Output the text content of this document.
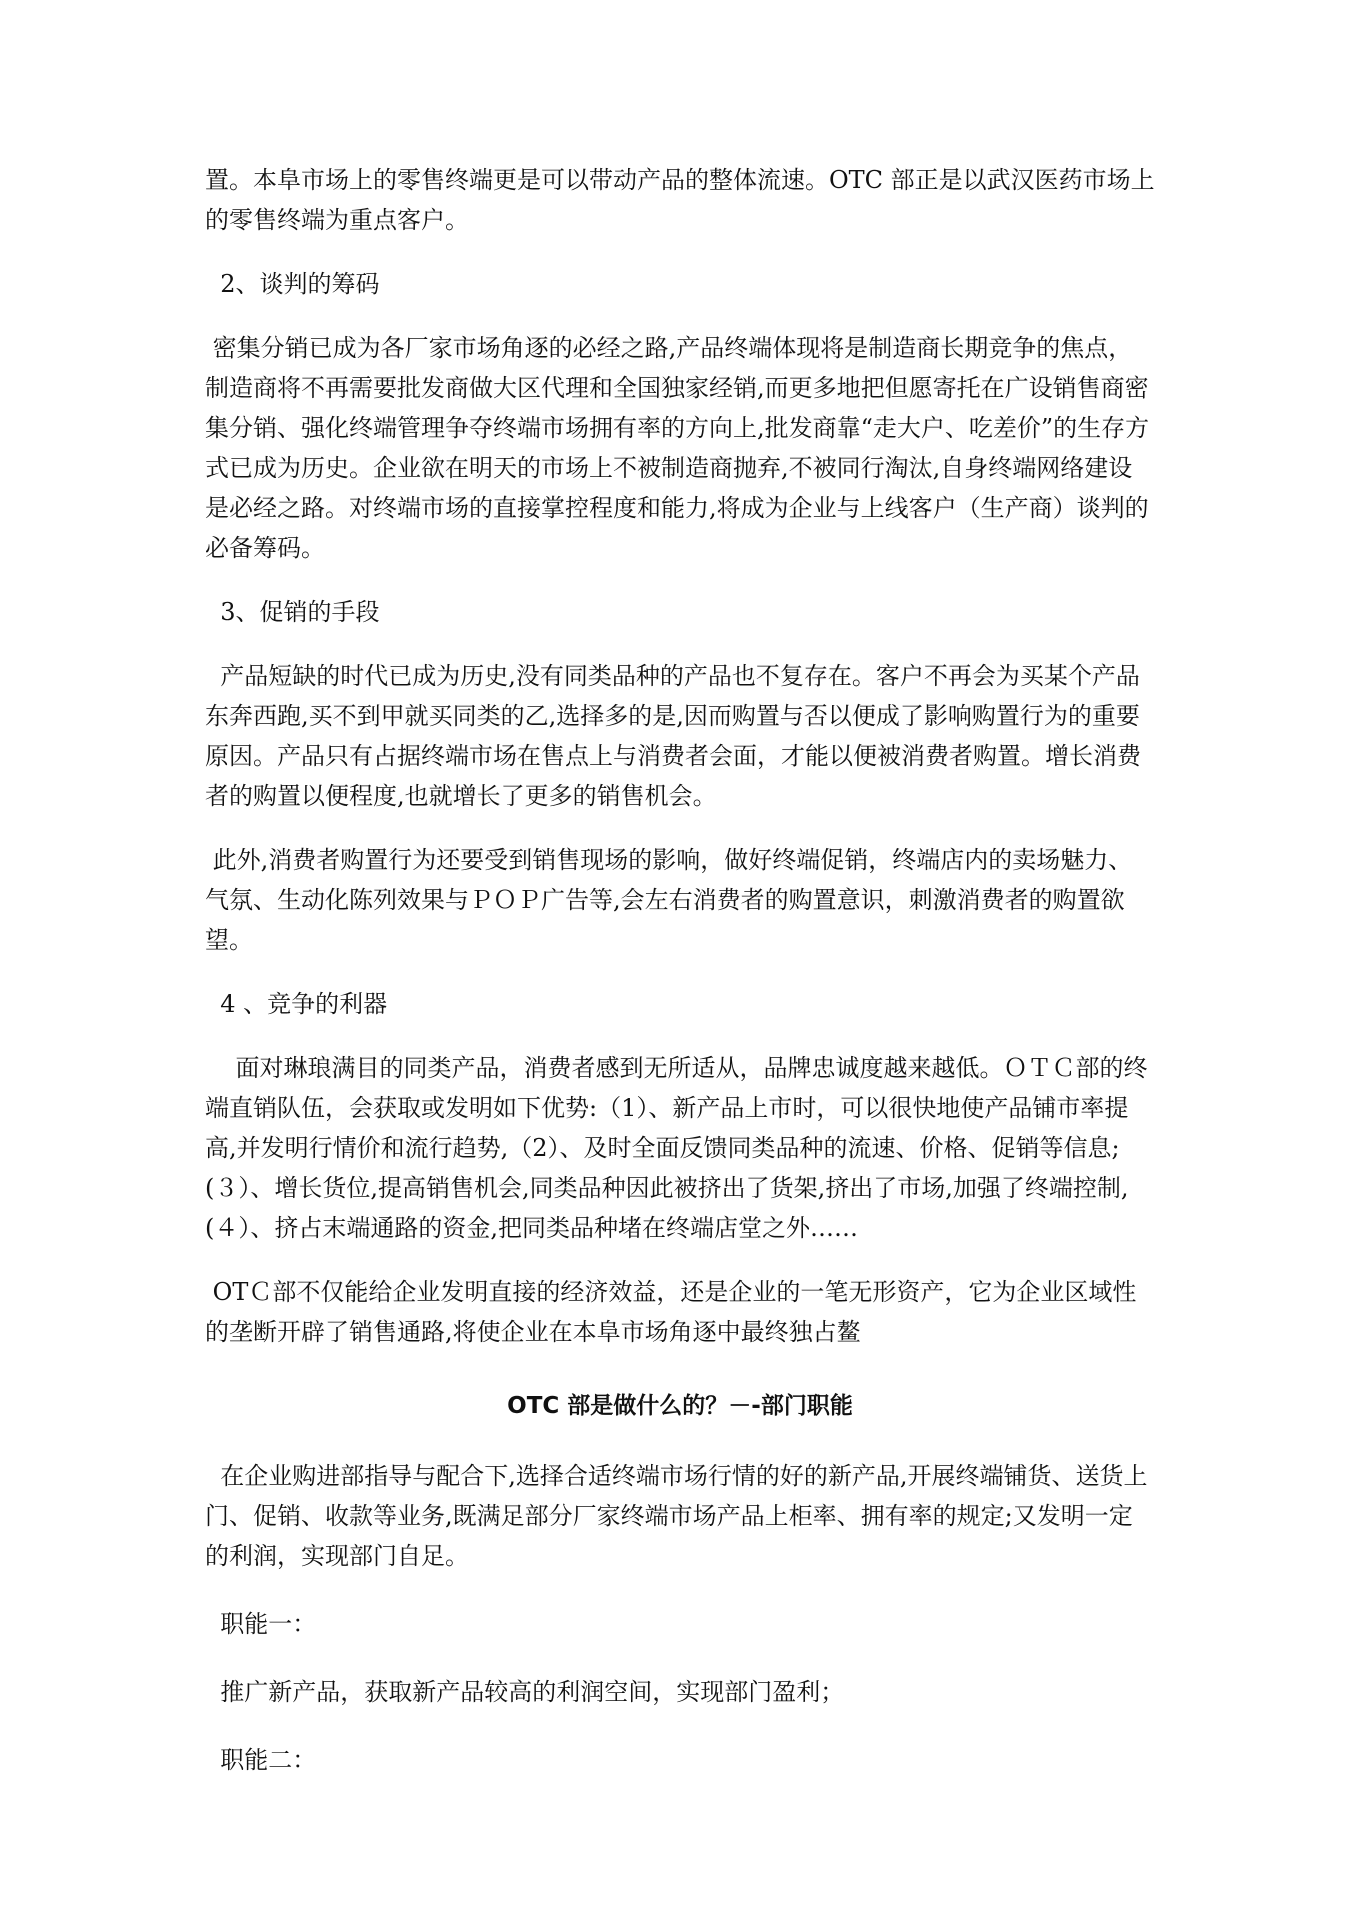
置。本阜市场上的零售终端更是可以带动产品的整体流速。OTC 部正是以武汉医药市场上的零售终端为重点客户。

2、谈判的筹码

密集分销已成为各厂家市场角逐的必经之路,产品终端体现将是制造商长期竞争的焦点，制造商将不再需要批发商做大区代理和全国独家经销,而更多地把但愿寄托在广设销售商密集分销、强化终端管理争夺终端市场拥有率的方向上,批发商靠“走大户、吃差价”的生存方式已成为历史。企业欲在明天的市场上不被制造商抛弃,不被同行淘汰,自身终端网络建设是必经之路。对终端市场的直接掌控程度和能力,将成为企业与上线客户（生产商）谈判的必备筹码。

3、促销的手段

产品短缺的时代已成为历史,没有同类品种的产品也不复存在。客户不再会为买某个产品东奔西跑,买不到甲就买同类的乙,选择多的是,因而购置与否以便成了影响购置行为的重要原因。产品只有占据终端市场在售点上与消费者会面，才能以便被消费者购置。增长消费者的购置以便程度,也就增长了更多的销售机会。

此外,消费者购置行为还要受到销售现场的影响，做好终端促销，终端店内的卖场魅力、气氛、生动化陈列效果与ＰＯＰ广告等,会左右消费者的购置意识，刺激消费者的购置欲望。

4 、竞争的利器

面对琳琅满目的同类产品，消费者感到无所适从，品牌忠诚度越来越低。ＯＴＣ部的终端直销队伍，会获取或发明如下优势:（1）、新产品上市时，可以很快地使产品铺市率提高,并发明行情价和流行趋势,（2）、及时全面反馈同类品种的流速、价格、促销等信息;(３）、增长货位,提高销售机会,同类品种因此被挤出了货架,挤出了市场,加强了终端控制,(４）、挤占末端通路的资金,把同类品种堵在终端店堂之外……

OTＣ部不仅能给企业发明直接的经济效益，还是企业的一笔无形资产，它为企业区域性的垄断开辟了销售通路,将使企业在本阜市场角逐中最终独占鳌

OTC 部是做什么的？－-部门职能

在企业购进部指导与配合下,选择合适终端市场行情的好的新产品,开展终端铺货、送货上门、促销、收款等业务,既满足部分厂家终端市场产品上柜率、拥有率的规定;又发明一定的利润，实现部门自足。

职能一：

推广新产品，获取新产品较高的利润空间，实现部门盈利；

职能二：
